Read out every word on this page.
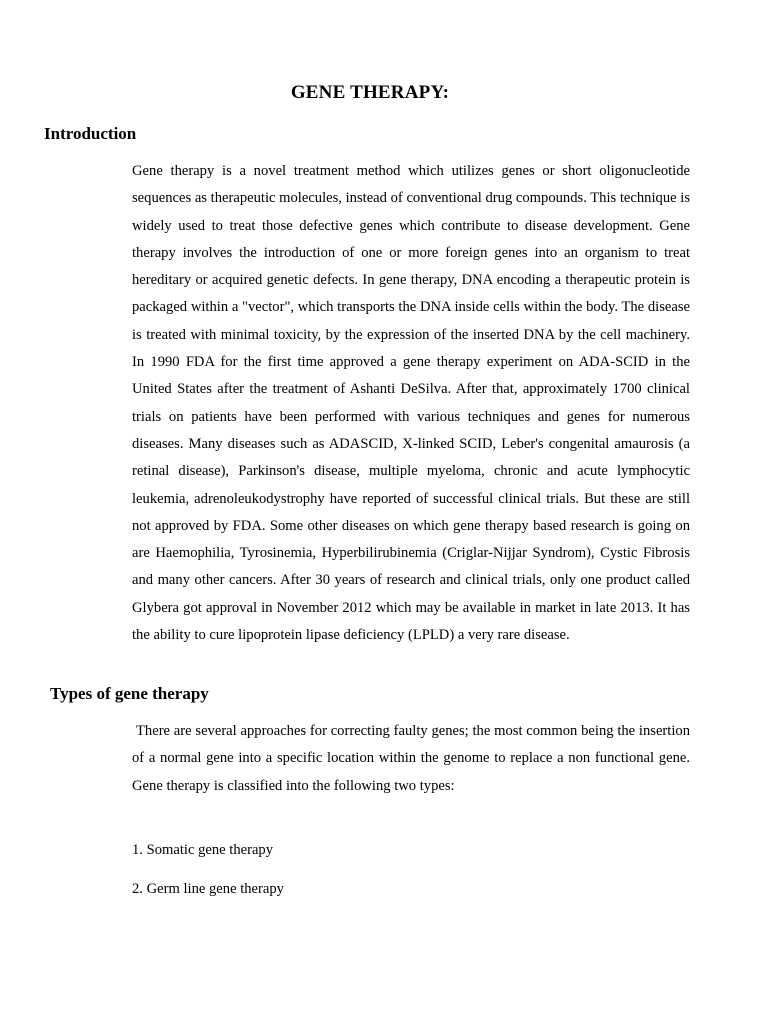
GENE THERAPY:
Introduction

Gene therapy is a novel treatment method which utilizes genes or short oligonucleotide sequences as therapeutic molecules, instead of conventional drug compounds. This technique is widely used to treat those defective genes which contribute to disease development. Gene therapy involves the introduction of one or more foreign genes into an organism to treat hereditary or acquired genetic defects. In gene therapy, DNA encoding a therapeutic protein is packaged within a "vector", which transports the DNA inside cells within the body. The disease is treated with minimal toxicity, by the expression of the inserted DNA by the cell machinery. In 1990 FDA for the first time approved a gene therapy experiment on ADA-SCID in the United States after the treatment of Ashanti DeSilva. After that, approximately 1700 clinical trials on patients have been performed with various techniques and genes for numerous diseases. Many diseases such as ADASCID, X-linked SCID, Leber's congenital amaurosis (a retinal disease), Parkinson's disease, multiple myeloma, chronic and acute lymphocytic leukemia, adrenoleukodystrophy have reported of successful clinical trials. But these are still not approved by FDA. Some other diseases on which gene therapy based research is going on are Haemophilia, Tyrosinemia, Hyperbilirubinemia (Criglar-Nijjar Syndrom), Cystic Fibrosis and many other cancers. After 30 years of research and clinical trials, only one product called Glybera got approval in November 2012 which may be available in market in late 2013. It has the ability to cure lipoprotein lipase deficiency (LPLD) a very rare disease.

Types of gene therapy

There are several approaches for correcting faulty genes; the most common being the insertion of a normal gene into a specific location within the genome to replace a non functional gene. Gene therapy is classified into the following two types:

1. Somatic gene therapy
2. Germ line gene therapy
